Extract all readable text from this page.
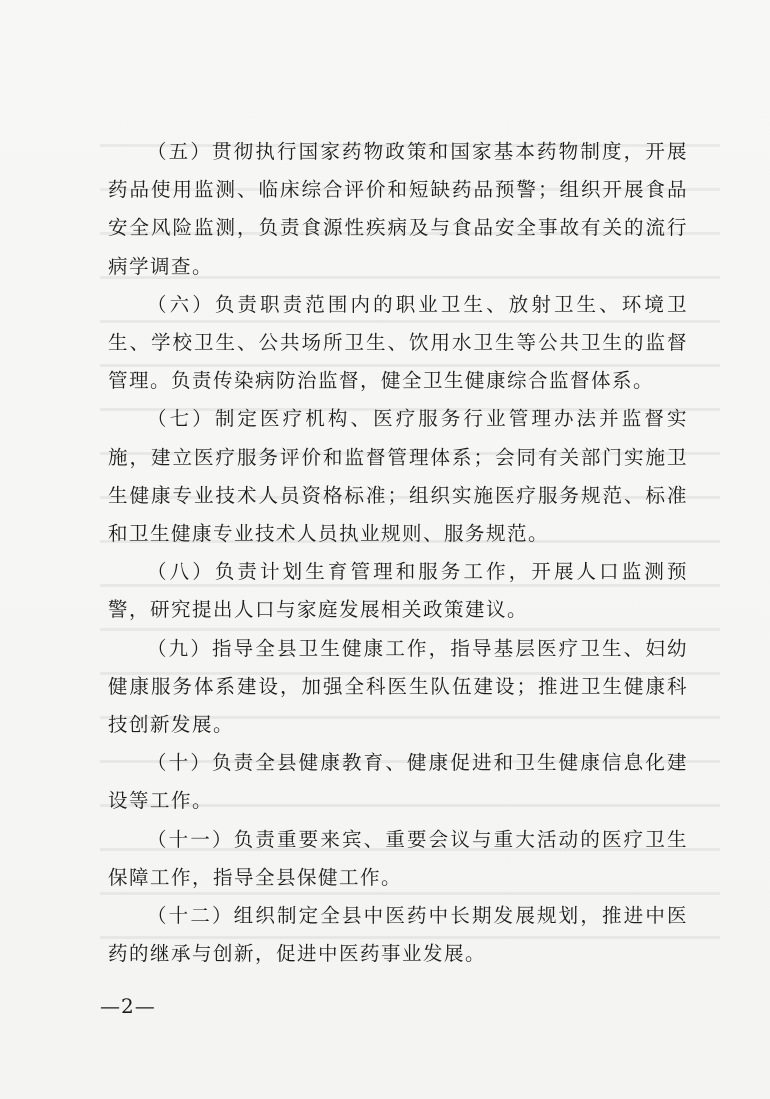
（五）贯彻执行国家药物政策和国家基本药物制度，开展药品使用监测、临床综合评价和短缺药品预警；组织开展食品安全风险监测，负责食源性疾病及与食品安全事故有关的流行病学调查。

（六）负责职责范围内的职业卫生、放射卫生、环境卫生、学校卫生、公共场所卫生、饮用水卫生等公共卫生的监督管理。负责传染病防治监督，健全卫生健康综合监督体系。

（七）制定医疗机构、医疗服务行业管理办法并监督实施，建立医疗服务评价和监督管理体系；会同有关部门实施卫生健康专业技术人员资格标准；组织实施医疗服务规范、标准和卫生健康专业技术人员执业规则、服务规范。

（八）负责计划生育管理和服务工作，开展人口监测预警，研究提出人口与家庭发展相关政策建议。

（九）指导全县卫生健康工作，指导基层医疗卫生、妇幼健康服务体系建设，加强全科医生队伍建设；推进卫生健康科技创新发展。

（十）负责全县健康教育、健康促进和卫生健康信息化建设等工作。

（十一）负责重要来宾、重要会议与重大活动的医疗卫生保障工作，指导全县保健工作。

（十二）组织制定全县中医药中长期发展规划，推进中医药的继承与创新，促进中医药事业发展。

—2—
